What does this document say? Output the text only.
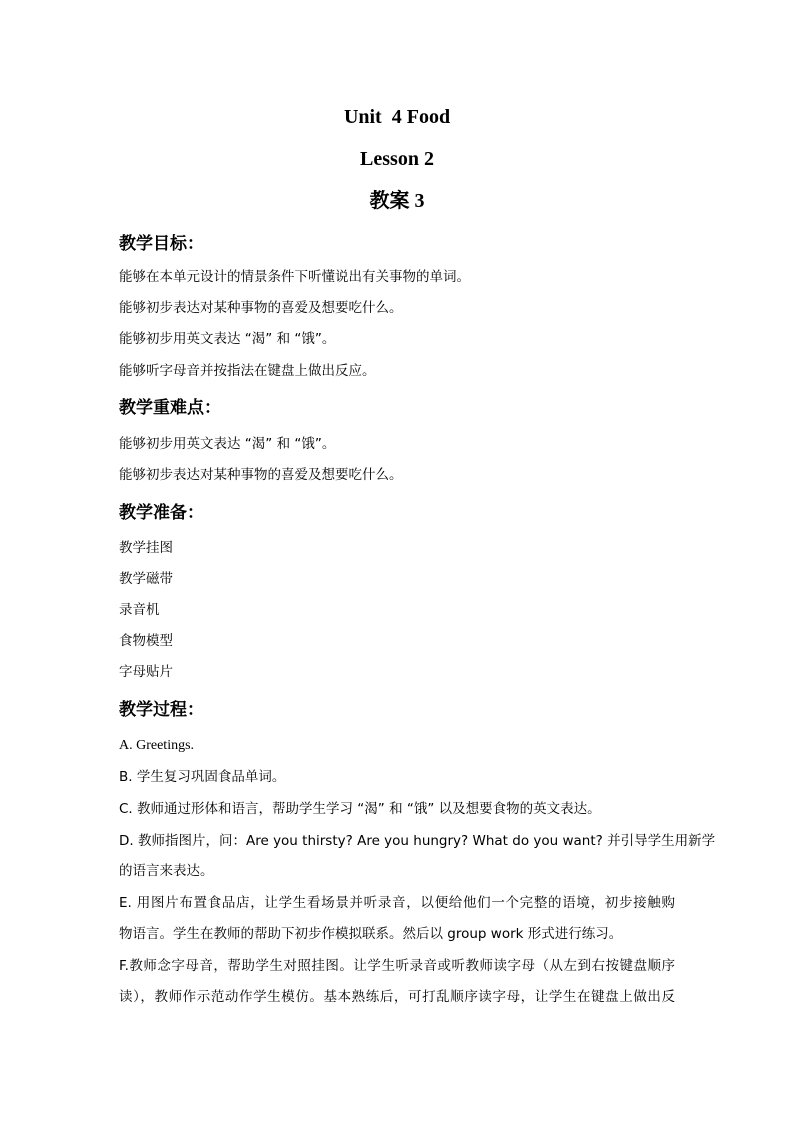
Unit  4 Food
Lesson 2
教案 3
教学目标：
能够在本单元设计的情景条件下听懂说出有关事物的单词。
能够初步表达对某种事物的喜爱及想要吃什么。
能够初步用英文表达 “渴” 和 “饿”。
能够听字母音并按指法在键盘上做出反应。
教学重难点：
能够初步用英文表达 “渴” 和 “饿”。
能够初步表达对某种事物的喜爱及想要吃什么。
教学准备：
教学挂图
教学磁带
录音机
食物模型
字母贴片
教学过程：
A. Greetings.
B. 学生复习巩固食品单词。
C. 教师通过形体和语言，帮助学生学习 “渴” 和 “饿” 以及想要食物的英文表达。
D. 教师指图片，问：Are you thirsty? Are you hungry? What do you want? 并引导学生用新学
的语言来表达。
E. 用图片布置食品店，让学生看场景并听录音，以便给他们一个完整的语境，初步接触购
物语言。学生在教师的帮助下初步作模拟联系。然后以 group work 形式进行练习。
F.教师念字母音，帮助学生对照挂图。让学生听录音或听教师读字母（从左到右按键盘顺序
读），教师作示范动作学生模仿。基本熟练后，可打乱顺序读字母，让学生在键盘上做出反
